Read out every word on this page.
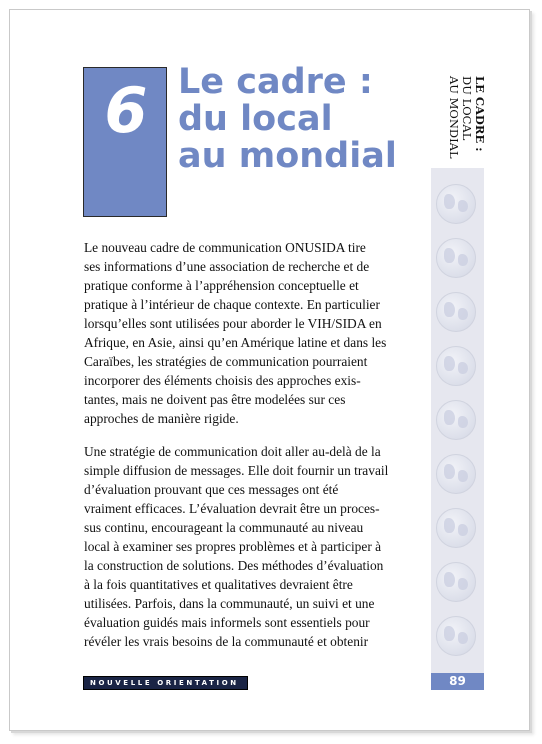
6 Le cadre :
du local
au mondial
LE CADRE :
DU LOCAL
AU MONDIAL

Le nouveau cadre de communication ONUSIDA tire
ses informations d’une association de recherche et de
pratique conforme à l’appréhension conceptuelle et
pratique à l’intérieur de chaque contexte. En particulier
lorsqu’elles sont utilisées pour aborder le VIH/SIDA en
Afrique, en Asie, ainsi qu’en Amérique latine et dans les
Caraïbes, les stratégies de communication pourraient
incorporer des éléments choisis des approches exis-
tantes, mais ne doivent pas être modelées sur ces
approches de manière rigide.

Une stratégie de communication doit aller au-delà de la
simple diffusion de messages. Elle doit fournir un travail
d’évaluation prouvant que ces messages ont été
vraiment efficaces. L’évaluation devrait être un proces-
sus continu, encourageant la communauté au niveau
local à examiner ses propres problèmes et à participer à
la construction de solutions. Des méthodes d’évaluation
à la fois quantitatives et qualitatives devraient être
utilisées. Parfois, dans la communauté, un suivi et une
évaluation guidés mais informels sont essentiels pour
révéler les vrais besoins de la communauté et obtenir

NOUVELLE ORIENTATION	89
